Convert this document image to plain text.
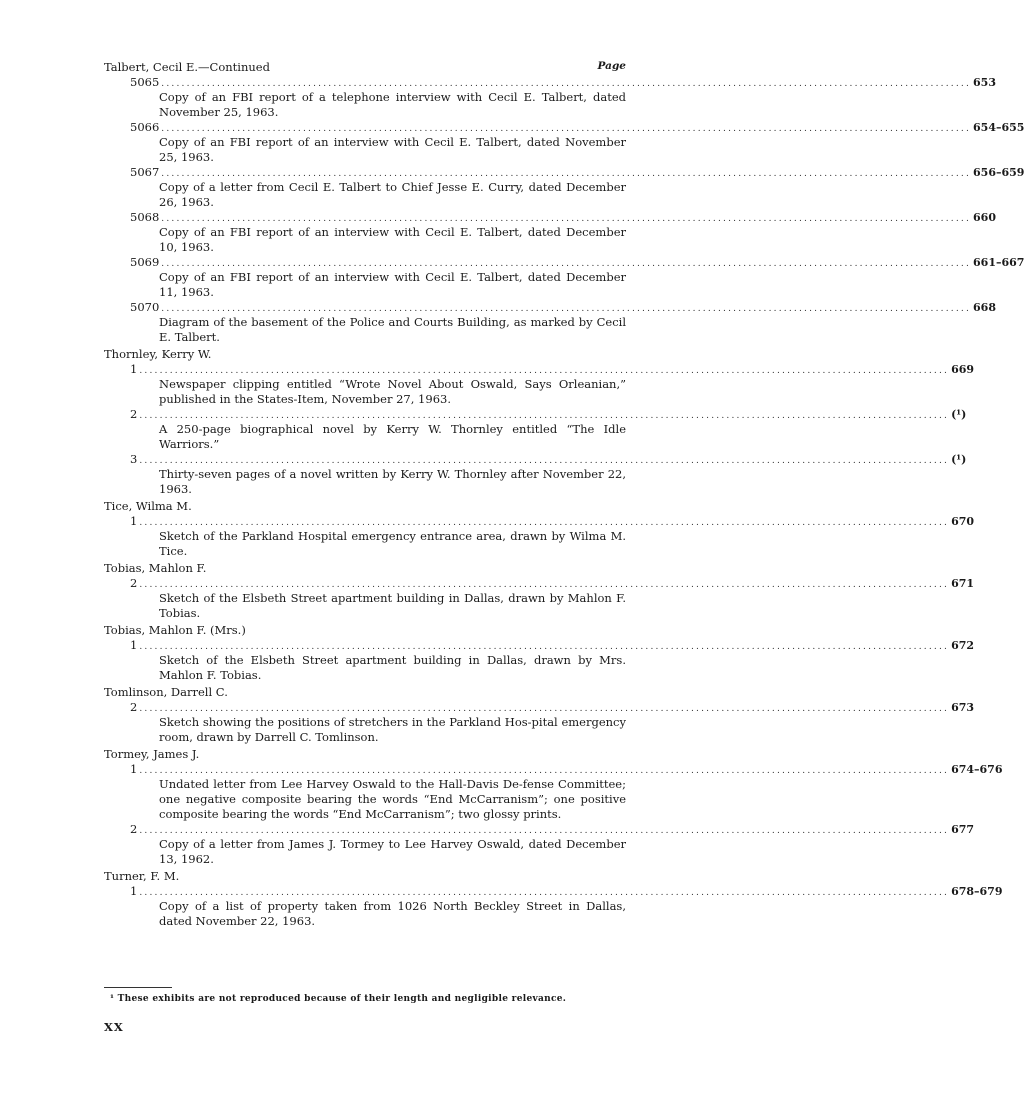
Talbert, Cecil E.—Continued	Page
5065 ................................................................................................................................................................ 653
Copy of an FBI report of a telephone interview with Cecil E. Talbert, dated November 25, 1963.
5066 ................................................................................................................................................................ 654–655
Copy of an FBI report of an interview with Cecil E. Talbert, dated November 25, 1963.
5067 ................................................................................................................................................................ 656–659
Copy of a letter from Cecil E. Talbert to Chief Jesse E. Curry, dated December 26, 1963.
5068 ................................................................................................................................................................ 660
Copy of an FBI report of an interview with Cecil E. Talbert, dated December 10, 1963.
5069 ................................................................................................................................................................ 661–667
Copy of an FBI report of an interview with Cecil E. Talbert, dated December 11, 1963.
5070 ................................................................................................................................................................ 668
Diagram of the basement of the Police and Courts Building, as marked by Cecil E. Talbert.
Thornley, Kerry W.
1 ................................................................................................................................................................ 669
Newspaper clipping entitled “Wrote Novel About Oswald, Says Orleanian,” published in the States-Item, November 27, 1963.
2 ................................................................................................................................................................ (¹)
A 250-page biographical novel by Kerry W. Thornley entitled “The Idle Warriors.”
3 ................................................................................................................................................................ (¹)
Thirty-seven pages of a novel written by Kerry W. Thornley after November 22, 1963.
Tice, Wilma M.
1 ................................................................................................................................................................ 670
Sketch of the Parkland Hospital emergency entrance area, drawn by Wilma M. Tice.
Tobias, Mahlon F.
2 ................................................................................................................................................................ 671
Sketch of the Elsbeth Street apartment building in Dallas, drawn by Mahlon F. Tobias.
Tobias, Mahlon F. (Mrs.)
1 ................................................................................................................................................................ 672
Sketch of the Elsbeth Street apartment building in Dallas, drawn by Mrs. Mahlon F. Tobias.
Tomlinson, Darrell C.
2 ................................................................................................................................................................ 673
Sketch showing the positions of stretchers in the Parkland Hos-pital emergency room, drawn by Darrell C. Tomlinson.
Tormey, James J.
1 ................................................................................................................................................................ 674–676
Undated letter from Lee Harvey Oswald to the Hall-Davis De-fense Committee; one negative composite bearing the words “End McCarranism”; one positive composite bearing the words “End McCarranism”; two glossy prints.
2 ................................................................................................................................................................ 677
Copy of a letter from James J. Tormey to Lee Harvey Oswald, dated December 13, 1962.
Turner, F. M.
1 ................................................................................................................................................................ 678–679
Copy of a list of property taken from 1026 North Beckley Street in Dallas, dated November 22, 1963.
¹ These exhibits are not reproduced because of their length and negligible relevance.
XX
